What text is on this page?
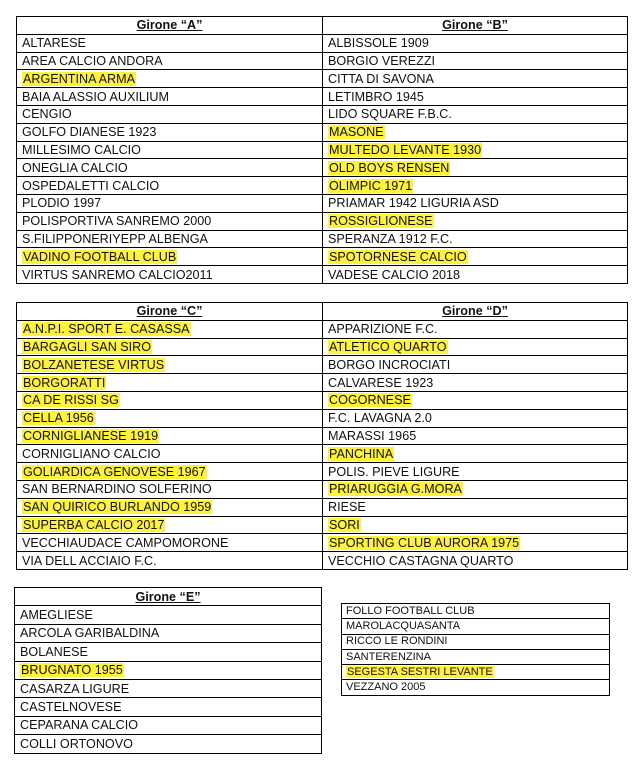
Girone “A”	Girone “B”
ALTARESE	ALBISSOLE 1909
AREA CALCIO ANDORA	BORGIO VEREZZI
ARGENTINA ARMA	CITTA DI SAVONA
BAIA ALASSIO AUXILIUM	LETIMBRO 1945
CENGIO	LIDO SQUARE F.B.C.
GOLFO DIANESE 1923	MASONE
MILLESIMO CALCIO	MULTEDO LEVANTE 1930
ONEGLIA CALCIO	OLD BOYS RENSEN
OSPEDALETTI CALCIO	OLIMPIC 1971
PLODIO 1997	PRIAMAR 1942 LIGURIA ASD
POLISPORTIVA SANREMO 2000	ROSSIGLIONESE
S.FILIPPONERIYEPP ALBENGA	SPERANZA 1912 F.C.
VADINO FOOTBALL CLUB	SPOTORNESE CALCIO
VIRTUS SANREMO CALCIO2011	VADESE CALCIO 2018
Girone “C”	Girone “D”
A.N.P.I. SPORT E. CASASSA	APPARIZIONE F.C.
BARGAGLI SAN SIRO	ATLETICO QUARTO
BOLZANETESE VIRTUS	BORGO INCROCIATI
BORGORATTI	CALVARESE 1923
CA DE RISSI SG	COGORNESE
CELLA 1956	F.C. LAVAGNA 2.0
CORNIGLIANESE 1919	MARASSI 1965
CORNIGLIANO CALCIO	PANCHINA
GOLIARDICA GENOVESE 1967	POLIS. PIEVE LIGURE
SAN BERNARDINO SOLFERINO	PRIARUGGIA G.MORA
SAN QUIRICO BURLANDO 1959	RIESE
SUPERBA CALCIO 2017	SORI
VECCHIAUDACE CAMPOMORONE	SPORTING CLUB AURORA 1975
VIA DELL ACCIAIO F.C.	VECCHIO CASTAGNA QUARTO
Girone “E”
AMEGLIESE
ARCOLA GARIBALDINA
BOLANESE
BRUGNATO 1955
CASARZA LIGURE
CASTELNOVESE
CEPARANA CALCIO
COLLI ORTONOVO
FOLLO FOOTBALL CLUB
MAROLACQUASANTA
RICCO LE RONDINI
SANTERENZINA
SEGESTA SESTRI LEVANTE
VEZZANO 2005
